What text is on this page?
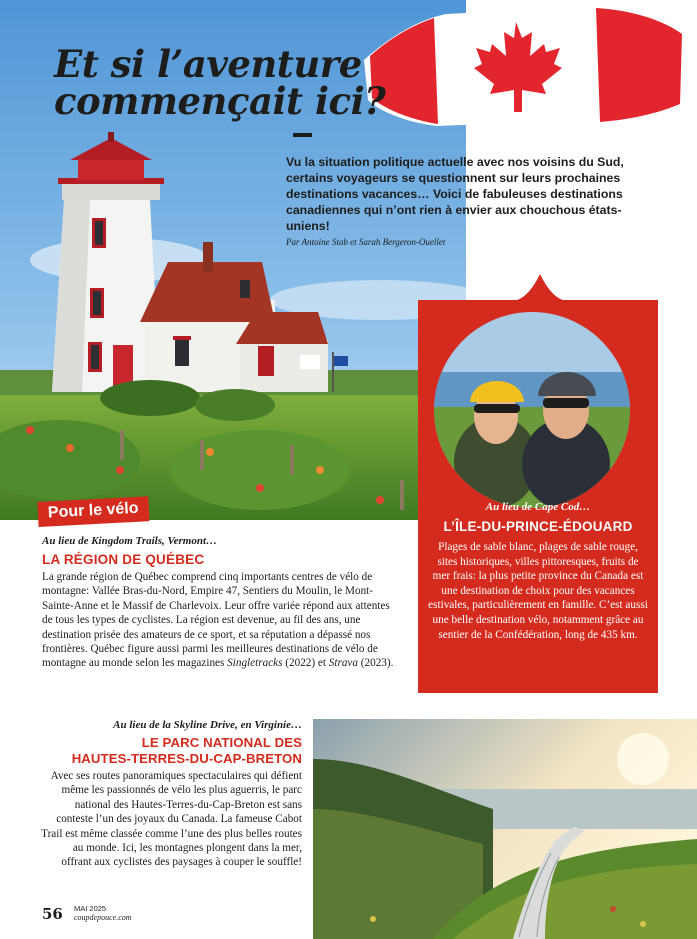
Et si l’aventure
commençait ici?

Vu la situation politique actuelle avec nos voisins du Sud, certains voyageurs se questionnent sur leurs prochaines destinations vacances… Voici de fabuleuses destinations canadiennes qui n’ont rien à envier aux chouchous états-uniens!

Par Antoine Stab et Sarah Bergeron-Ouellet

Au lieu de Cape Cod…
L’ÎLE-DU-PRINCE-ÉDOUARD

Plages de sable blanc, plages de sable rouge, sites historiques, villes pittoresques, fruits de mer frais: la plus petite province du Canada est une destination de choix pour des vacances estivales, particulièrement en famille. C’est aussi une belle destination vélo, notamment grâce au sentier de la Confédération, long de 435 km.

Pour le vélo
Au lieu de Kingdom Trails, Vermont…
LA RÉGION DE QUÉBEC

La grande région de Québec comprend cinq importants centres de vélo de montagne: Vallée Bras-du-Nord, Empire 47, Sentiers du Moulin, le Mont-Sainte-Anne et le Massif de Charlevoix. Leur offre variée répond aux attentes de tous les types de cyclistes. La région est devenue, au fil des ans, une destination prisée des amateurs de ce sport, et sa réputation a dépassé nos frontières. Québec figure aussi parmi les meilleures destinations de vélo de montagne au monde selon les magazines Singletracks (2022) et Strava (2023).

Au lieu de la Skyline Drive, en Virginie…
LE PARC NATIONAL DES
HAUTES-TERRES-DU-CAP-BRETON

Avec ses routes panoramiques spectaculaires qui défient même les passionnés de vélo les plus aguerris, le parc national des Hautes-Terres-du-Cap-Breton est sans conteste l’un des joyaux du Canada. La fameuse Cabot Trail est même classée comme l’une des plus belles routes au monde. Ici, les montagnes plongent dans la mer, offrant aux cyclistes des paysages à couper le souffle!

56 MAI 2025
coupdepouce.com
